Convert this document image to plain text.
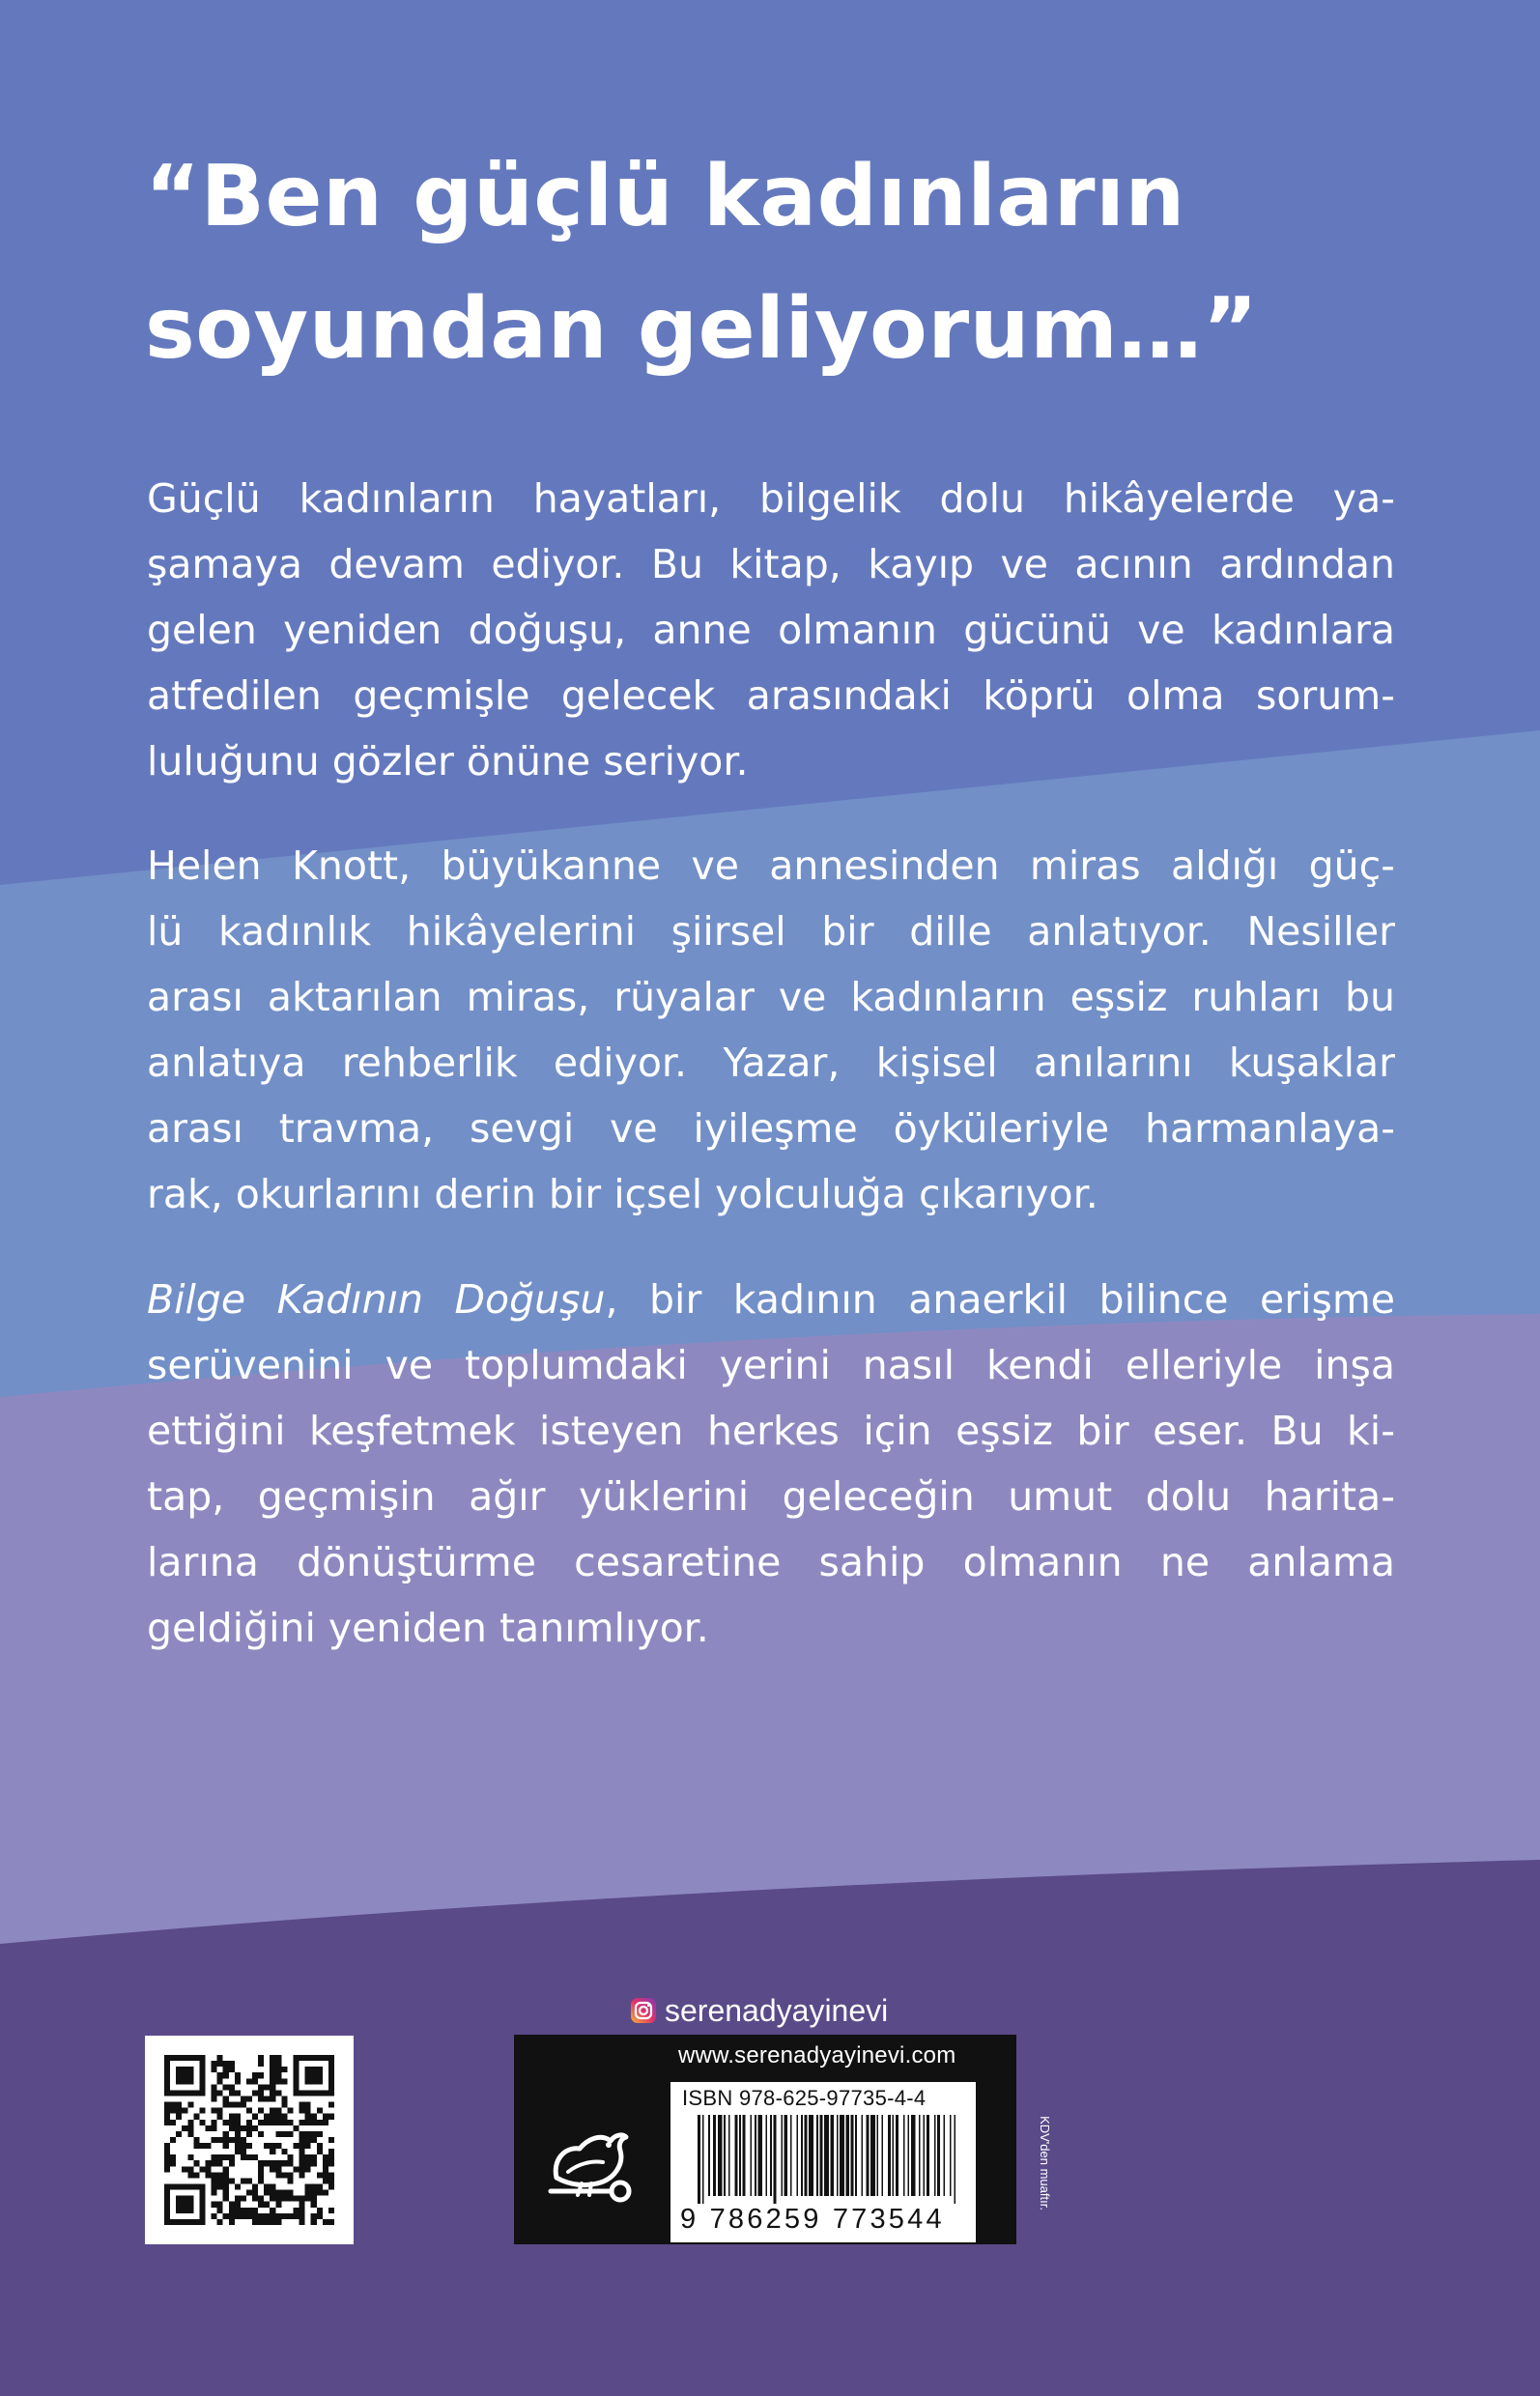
“Ben güçlü kadınların
soyundan geliyorum…”
Güçlü kadınların hayatları, bilgelik dolu hikâyelerde ya-
şamaya devam ediyor. Bu kitap, kayıp ve acının ardından
gelen yeniden doğuşu, anne olmanın gücünü ve kadınlara
atfedilen geçmişle gelecek arasındaki köprü olma sorum-
luluğunu gözler önüne seriyor.
Helen Knott, büyükanne ve annesinden miras aldığı güç-
lü kadınlık hikâyelerini şiirsel bir dille anlatıyor. Nesiller
arası aktarılan miras, rüyalar ve kadınların eşsiz ruhları bu
anlatıya rehberlik ediyor. Yazar, kişisel anılarını kuşaklar
arası travma, sevgi ve iyileşme öyküleriyle harmanlaya-
rak, okurlarını derin bir içsel yolculuğa çıkarıyor.
Bilge Kadının Doğuşu, bir kadının anaerkil bilince erişme
serüvenini ve toplumdaki yerini nasıl kendi elleriyle inşa
ettiğini keşfetmek isteyen herkes için eşsiz bir eser. Bu ki-
tap, geçmişin ağır yüklerini geleceğin umut dolu harita-
larına dönüştürme cesaretine sahip olmanın ne anlama
geldiğini yeniden tanımlıyor.
serenadyayinevi
www.serenadyayinevi.com
ISBN 978-625-97735-4-4
9 786259 773544
KDV'den muaftır.
